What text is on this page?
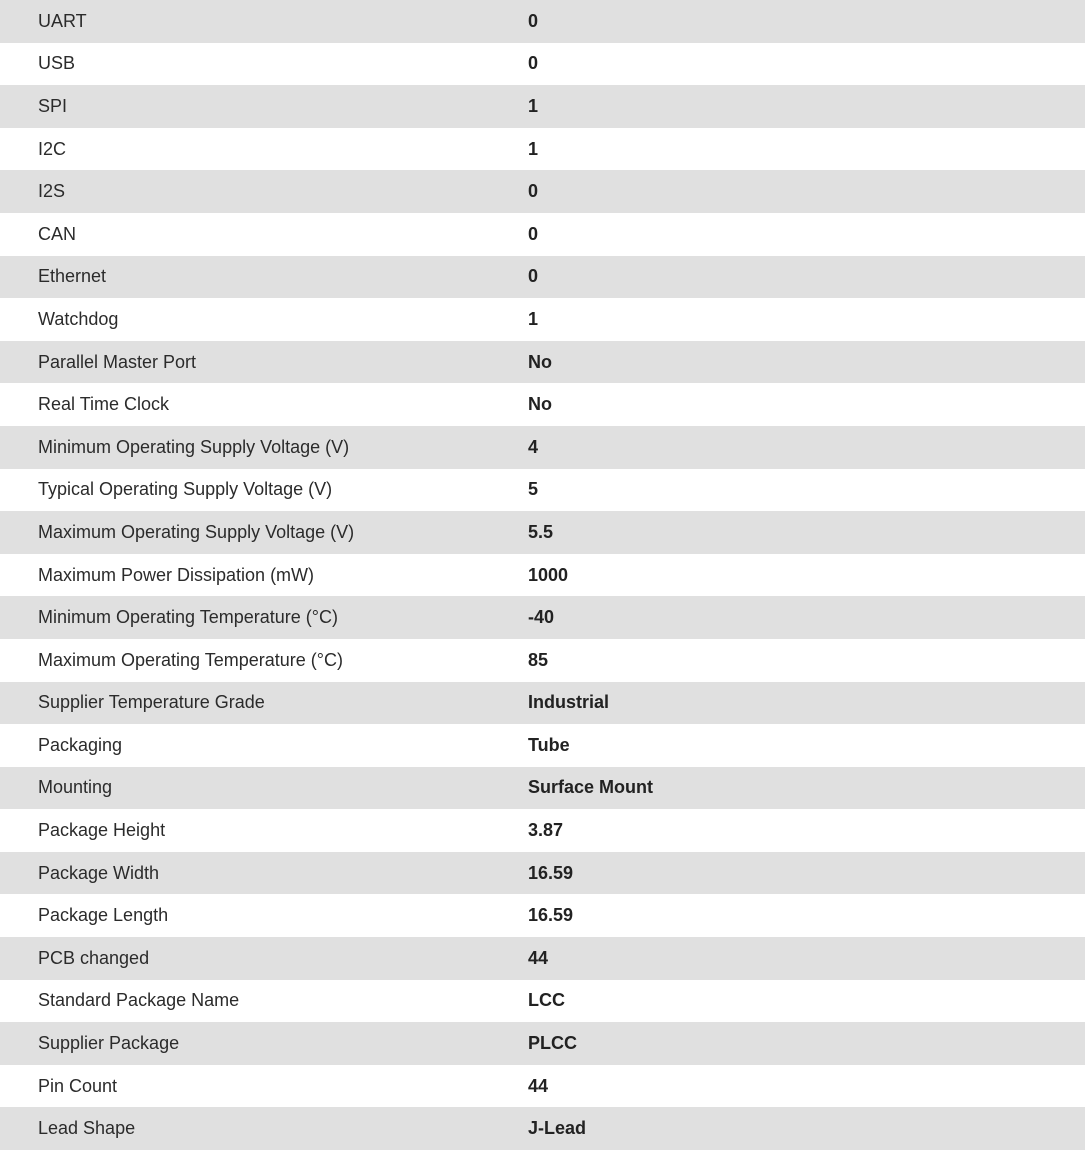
UART	0
USB	0
SPI	1
I2C	1
I2S	0
CAN	0
Ethernet	0
Watchdog	1
Parallel Master Port	No
Real Time Clock	No
Minimum Operating Supply Voltage (V)	4
Typical Operating Supply Voltage (V)	5
Maximum Operating Supply Voltage (V)	5.5
Maximum Power Dissipation (mW)	1000
Minimum Operating Temperature (°C)	-40
Maximum Operating Temperature (°C)	85
Supplier Temperature Grade	Industrial
Packaging	Tube
Mounting	Surface Mount
Package Height	3.87
Package Width	16.59
Package Length	16.59
PCB changed	44
Standard Package Name	LCC
Supplier Package	PLCC
Pin Count	44
Lead Shape	J-Lead
